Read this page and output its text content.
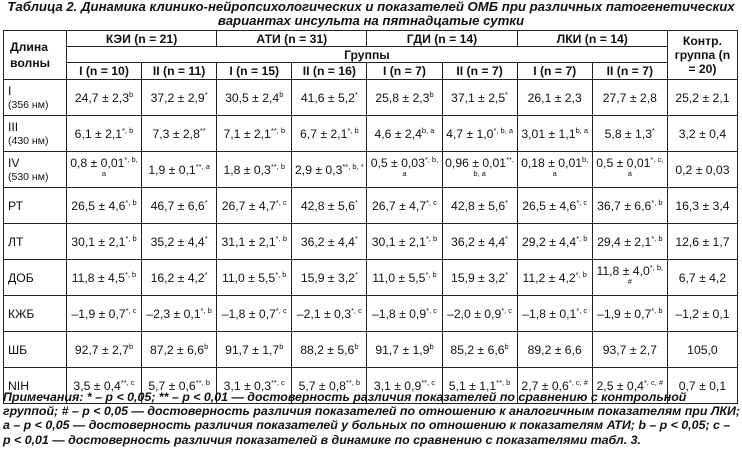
Таблица 2. Динамика клинико-нейропсихологических и показателей ОМБ при различных патогенетических вариантах инсульта на пятнадцатые сутки
Длина волны	КЭИ (n = 21)		АТИ (n = 31)		ГДИ (n = 14)		ЛКИ (n = 14)		Контр. группа (n = 20)
	Группы								
	I (n = 10)	II (n = 11)	I (n = 15)	II (n = 16)	I (n = 7)	II (n = 7)	I (n = 7)	II (n = 7)	

I
(356 нм)	24,7 ± 2,3$^b$	37,2 ± 2,9*	30,5 ± 2,4$^b$	41,6 ± 5,2*	25,8 ± 2,3$^b$	37,1 ± 2,5*	26,1 ± 2,3	27,7 ± 2,8	25,2 ± 2,1

III
(430 нм)	$6,1 \pm 2,1^{*, b}$	7,3 ± 2,8**	$7,1 \pm 2,1^{**, b}$	$6,7 \pm 2,1^{*, b}$	$4,6 \pm 2,4^{b, a}$	$4,7 \pm 1,0^{*, b, a}$	$3,01 \pm 1,1^{b, a}$	5,8 ± 1,3*	3,2 ± 0,4

IV
(530 нм)	$0,8 \pm 0,01^{*, b, a}$	$1,9 \pm 0,1^{**, a}$	$1,8 \pm 0,3^{**, b}$	$2,9 \pm 0,3^{**, b, *}$	$0,5 \pm 0,03^{*, b, a}$	$0,96 \pm 0,01^{**, b, a}$	$0,18 \pm 0,01^{b, a}$	$0,5 \pm 0,01^{*, c, a}$	0,2 ± 0,03

РТ	$26,5 \pm 4,6^{*, b}$	46,7 ± 6,6*	$26,7 \pm 4,7^{*, c}$	42,8 ± 5,6*	$26,7 \pm 4,7^{*, c}$	42,8 ± 5,6*	$26,5 \pm 4,6^{*, c}$	$36,7 \pm 6,6^{*, b}$	16,3 ± 3,4

ЛТ	$30,1 \pm 2,1^{*, b}$	35,2 ± 4,4*	$31,1 \pm 2,1^{*, b}$	36,2 ± 4,4*	$30,1 \pm 2,1^{*, b}$	36,2 ± 4,4*	$29,2 \pm 4,4^{*, b}$	$29,4 \pm 2,1^{*, b}$	12,6 ± 1,7

ДОБ	$11,8 \pm 4,5^{*, b}$	16,2 ± 4,2*	$11,0 \pm 5,5^{*, b}$	15,9 ± 3,2*	$11,0 \pm 5,5^{*, b}$	15,9 ± 3,2*	$11,2 \pm 4,2^{*, b}$	$11,8 \pm 4,0^{*, b, \#}$	6,7 ± 4,2

КЖБ	$-1,9 \pm 0,7^{*, c}$	$-2,3 \pm 0,1^{*, b}$	$-1,8 \pm 0,7^{*, c}$	$-2,1 \pm 0,3^{*, c}$	$-1,8 \pm 0,9^{*, c}$	$-2,0 \pm 0,9^{*, c}$	$-1,8 \pm 0,1^{*, c}$	$-1,9 \pm 0,7^{*, b}$	–1,2 ± 0,1

ШБ	92,7 ± 2,7$^b$	87,2 ± 6,6$^b$	91,7 ± 1,7$^b$	88,2 ± 5,6$^b$	91,7 ± 1,9$^b$	85,2 ± 6,6$^b$	89,2 ± 6,6	93,7 ± 2,7	105,0

NIH	$3,5 \pm 0,4^{**, c}$	$5,7 \pm 0,6^{**, b}$	$3,1 \pm 0,3^{**, c}$	$5,7 \pm 0,8^{**, b}$	$3,1 \pm 0,9^{**, c}$	$5,1 \pm 1,1^{**, b}$	$2,7 \pm 0,6^{*, c, \#}$	$2,5 \pm 0,4^{*, c, \#}$	0,7 ± 0,1
Примечания: * – p < 0,05; ** – p < 0,01 — достоверность различия показателей по сравнению с контрольной группой; # – p < 0,05 — достоверность различия показателей по отношению к аналогичным показателям при ЛКИ; a – p < 0,05 — достоверность различия показателей у больных по отношению к показателям АТИ; b – p < 0,05; c – p < 0,01 — достоверность различия показателей в динамике по сравнению с показателями табл. 3.
